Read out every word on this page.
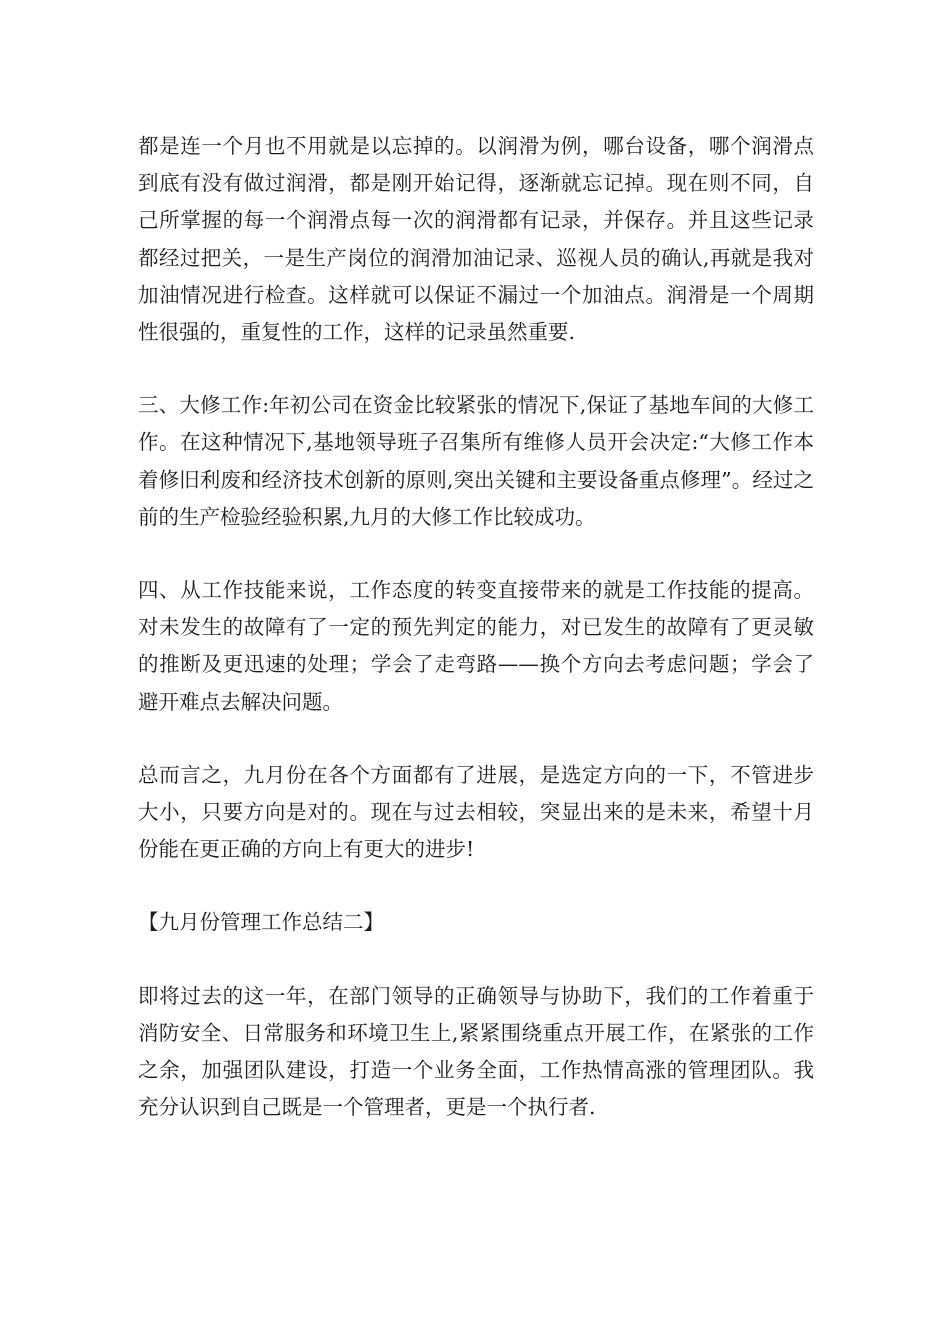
都是连一个月也不用就是以忘掉的。以润滑为例，哪台设备，哪个润滑点到底有没有做过润滑，都是刚开始记得，逐渐就忘记掉。现在则不同，自己所掌握的每一个润滑点每一次的润滑都有记录，并保存。并且这些记录都经过把关，一是生产岗位的润滑加油记录、巡视人员的确认,再就是我对加油情况进行检查。这样就可以保证不漏过一个加油点。润滑是一个周期性很强的，重复性的工作，这样的记录虽然重要.

三、大修工作:年初公司在资金比较紧张的情况下,保证了基地车间的大修工作。在这种情况下,基地领导班子召集所有维修人员开会决定:“大修工作本着修旧利废和经济技术创新的原则,突出关键和主要设备重点修理”。经过之前的生产检验经验积累,九月的大修工作比较成功。

四、从工作技能来说，工作态度的转变直接带来的就是工作技能的提高。对未发生的故障有了一定的预先判定的能力，对已发生的故障有了更灵敏的推断及更迅速的处理；学会了走弯路——换个方向去考虑问题；学会了避开难点去解决问题。

总而言之，九月份在各个方面都有了进展，是选定方向的一下，不管进步大小，只要方向是对的。现在与过去相较，突显出来的是未来，希望十月份能在更正确的方向上有更大的进步!

【九月份管理工作总结二】

即将过去的这一年，在部门领导的正确领导与协助下，我们的工作着重于消防安全、日常服务和环境卫生上,紧紧围绕重点开展工作，在紧张的工作之余，加强团队建设，打造一个业务全面，工作热情高涨的管理团队。我充分认识到自己既是一个管理者，更是一个执行者.
